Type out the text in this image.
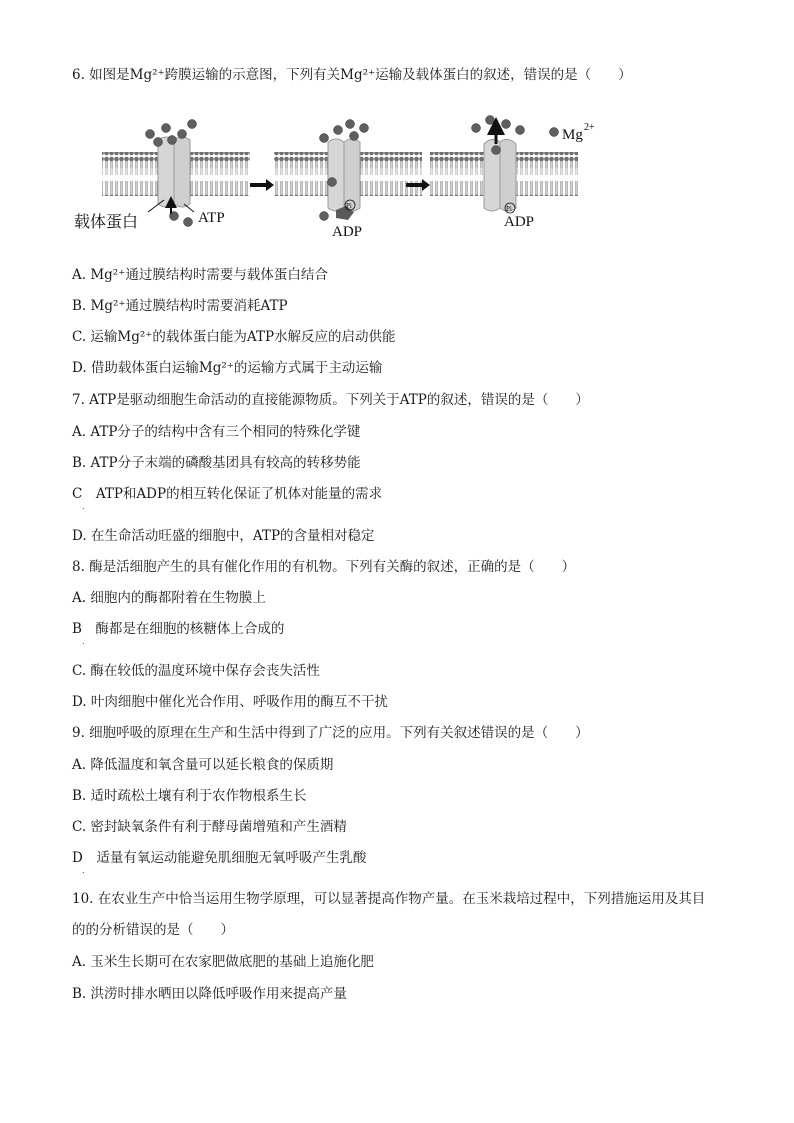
6. 如图是Mg²⁺跨膜运输的示意图，下列有关Mg²⁺运输及载体蛋白的叙述，错误的是（　　）
载体蛋白	ATP
Pi
ADP
Pi
ADP
Mg 2+
A. Mg²⁺通过膜结构时需要与载体蛋白结合
B. Mg²⁺通过膜结构时需要消耗ATP
C. 运输Mg²⁺的载体蛋白能为ATP水解反应的启动供能
D. 借助载体蛋白运输Mg²⁺的运输方式属于主动运输
7. ATP是驱动细胞生命活动的直接能源物质。下列关于ATP的叙述，错误的是（　　）
A. ATP分子的结构中含有三个相同的特殊化学键
B. ATP分子末端的磷酸基团具有较高的转移势能
C　ATP和ADP的相互转化保证了机体对能量的需求
.
D. 在生命活动旺盛的细胞中，ATP的含量相对稳定
8. 酶是活细胞产生的具有催化作用的有机物。下列有关酶的叙述，正确的是（　　）
A. 细胞内的酶都附着在生物膜上
B　酶都是在细胞的核糖体上合成的
.
C. 酶在较低的温度环境中保存会丧失活性
D. 叶肉细胞中催化光合作用、呼吸作用的酶互不干扰
9. 细胞呼吸的原理在生产和生活中得到了广泛的应用。下列有关叙述错误的是（　　）
A. 降低温度和氧含量可以延长粮食的保质期
B. 适时疏松土壤有利于农作物根系生长
C. 密封缺氧条件有利于酵母菌增殖和产生酒精
D　适量有氧运动能避免肌细胞无氧呼吸产生乳酸
.
10. 在农业生产中恰当运用生物学原理，可以显著提高作物产量。在玉米栽培过程中，下列措施运用及其目
的的分析错误的是（　　）
A. 玉米生长期可在农家肥做底肥的基础上追施化肥
B. 洪涝时排水晒田以降低呼吸作用来提高产量
